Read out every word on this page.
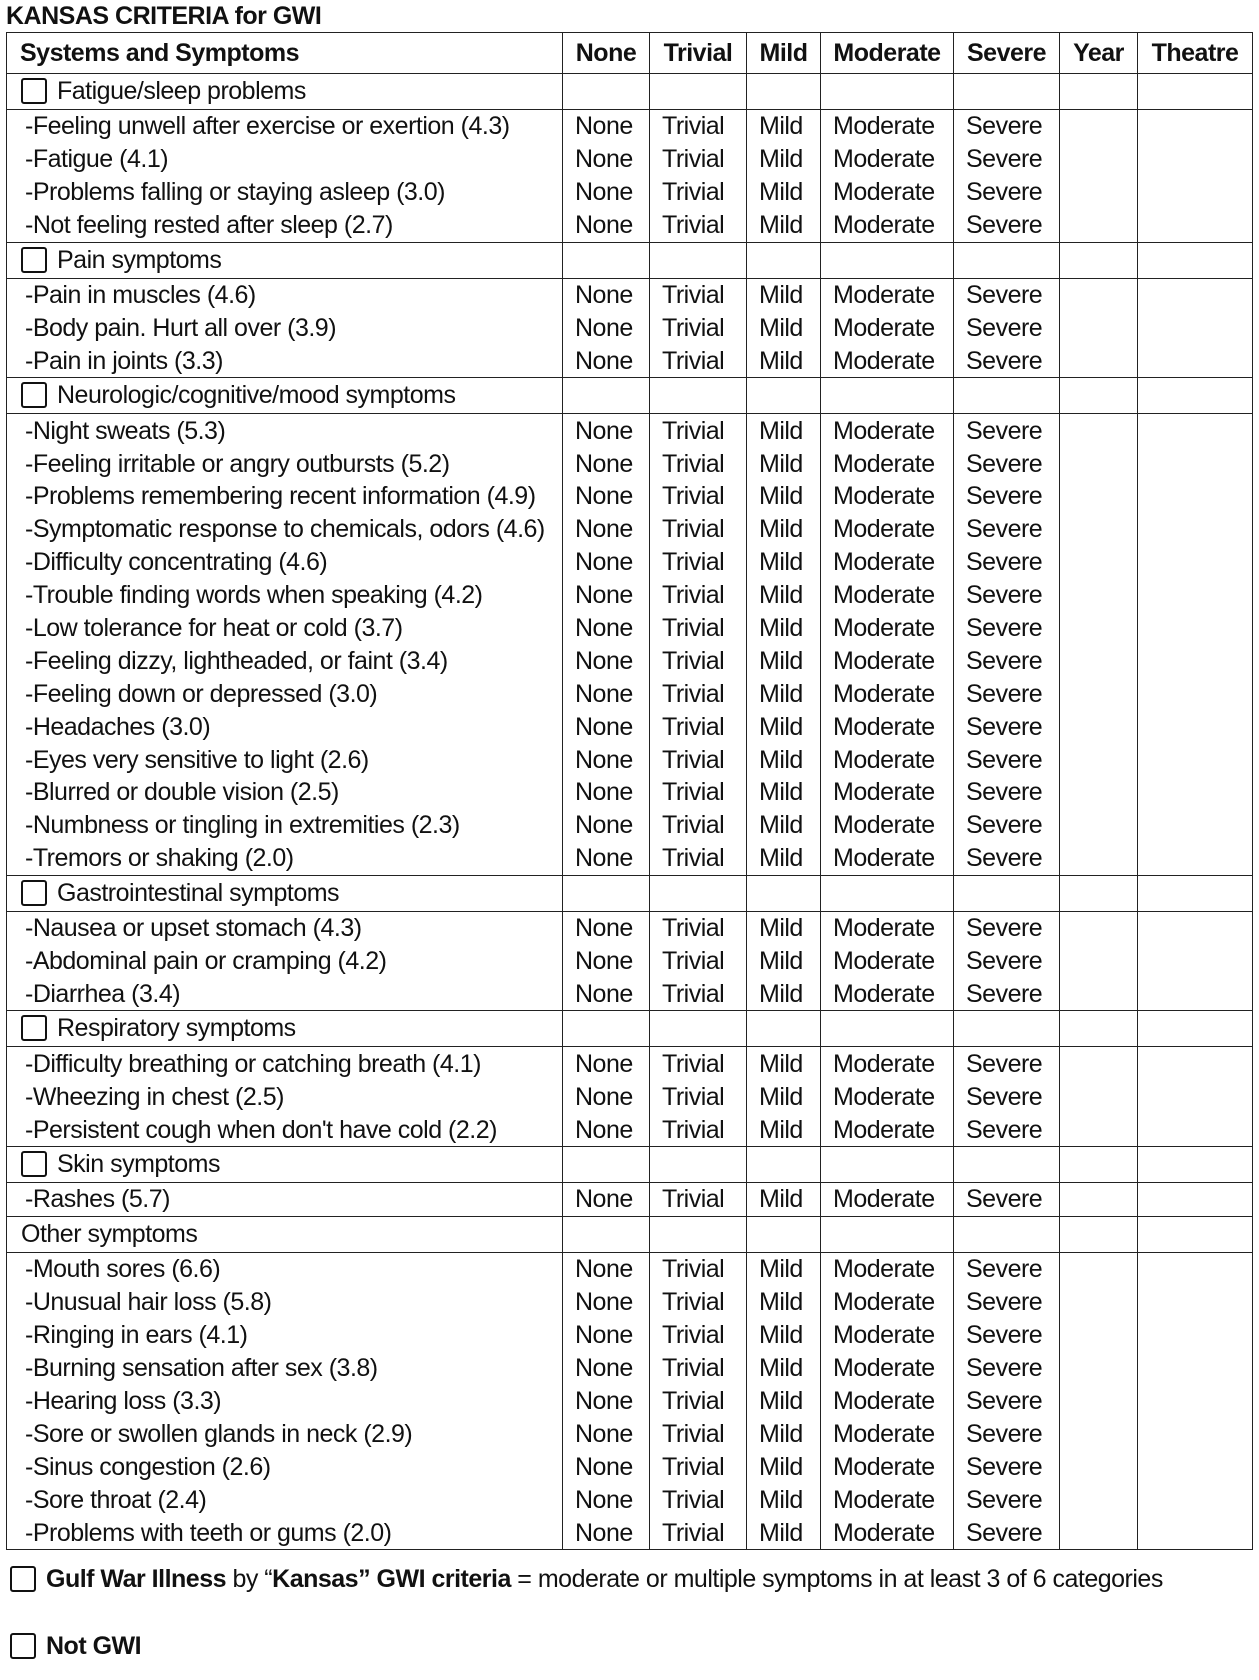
KANSAS CRITERIA for GWI
Systems and Symptoms	None	Trivial	Mild	Moderate	Severe	Year	Theatre
Fatigue/sleep problems							
-Feeling unwell after exercise or exertion (4.3)	None	Trivial	Mild	Moderate	Severe		
-Fatigue (4.1)	None	Trivial	Mild	Moderate	Severe		
-Problems falling or staying asleep (3.0)	None	Trivial	Mild	Moderate	Severe		
-Not feeling rested after sleep (2.7)	None	Trivial	Mild	Moderate	Severe		
Pain symptoms							
-Pain in muscles (4.6)	None	Trivial	Mild	Moderate	Severe		
-Body pain. Hurt all over (3.9)	None	Trivial	Mild	Moderate	Severe		
-Pain in joints (3.3)	None	Trivial	Mild	Moderate	Severe		
Neurologic/cognitive/mood symptoms							
-Night sweats (5.3)	None	Trivial	Mild	Moderate	Severe		
-Feeling irritable or angry outbursts (5.2)	None	Trivial	Mild	Moderate	Severe		
-Problems remembering recent information (4.9)	None	Trivial	Mild	Moderate	Severe		
-Symptomatic response to chemicals, odors (4.6)	None	Trivial	Mild	Moderate	Severe		
-Difficulty concentrating (4.6)	None	Trivial	Mild	Moderate	Severe		
-Trouble finding words when speaking (4.2)	None	Trivial	Mild	Moderate	Severe		
-Low tolerance for heat or cold (3.7)	None	Trivial	Mild	Moderate	Severe		
-Feeling dizzy, lightheaded, or faint (3.4)	None	Trivial	Mild	Moderate	Severe		
-Feeling down or depressed (3.0)	None	Trivial	Mild	Moderate	Severe		
-Headaches (3.0)	None	Trivial	Mild	Moderate	Severe		
-Eyes very sensitive to light (2.6)	None	Trivial	Mild	Moderate	Severe		
-Blurred or double vision (2.5)	None	Trivial	Mild	Moderate	Severe		
-Numbness or tingling in extremities (2.3)	None	Trivial	Mild	Moderate	Severe		
-Tremors or shaking (2.0)	None	Trivial	Mild	Moderate	Severe		
Gastrointestinal symptoms							
-Nausea or upset stomach (4.3)	None	Trivial	Mild	Moderate	Severe		
-Abdominal pain or cramping (4.2)	None	Trivial	Mild	Moderate	Severe		
-Diarrhea (3.4)	None	Trivial	Mild	Moderate	Severe		
Respiratory symptoms							
-Difficulty breathing or catching breath (4.1)	None	Trivial	Mild	Moderate	Severe		
-Wheezing in chest (2.5)	None	Trivial	Mild	Moderate	Severe		
-Persistent cough when don't have cold (2.2)	None	Trivial	Mild	Moderate	Severe		
Skin symptoms							
-Rashes (5.7)	None	Trivial	Mild	Moderate	Severe		
Other symptoms							
-Mouth sores (6.6)	None	Trivial	Mild	Moderate	Severe		
-Unusual hair loss (5.8)	None	Trivial	Mild	Moderate	Severe		
-Ringing in ears (4.1)	None	Trivial	Mild	Moderate	Severe		
-Burning sensation after sex (3.8)	None	Trivial	Mild	Moderate	Severe		
-Hearing loss (3.3)	None	Trivial	Mild	Moderate	Severe		
-Sore or swollen glands in neck (2.9)	None	Trivial	Mild	Moderate	Severe		
-Sinus congestion (2.6)	None	Trivial	Mild	Moderate	Severe		
-Sore throat (2.4)	None	Trivial	Mild	Moderate	Severe		
-Problems with teeth or gums (2.0)	None	Trivial	Mild	Moderate	Severe		
Gulf War Illness by “Kansas” GWI criteria = moderate or multiple symptoms in at least 3 of 6 categories
Not GWI
